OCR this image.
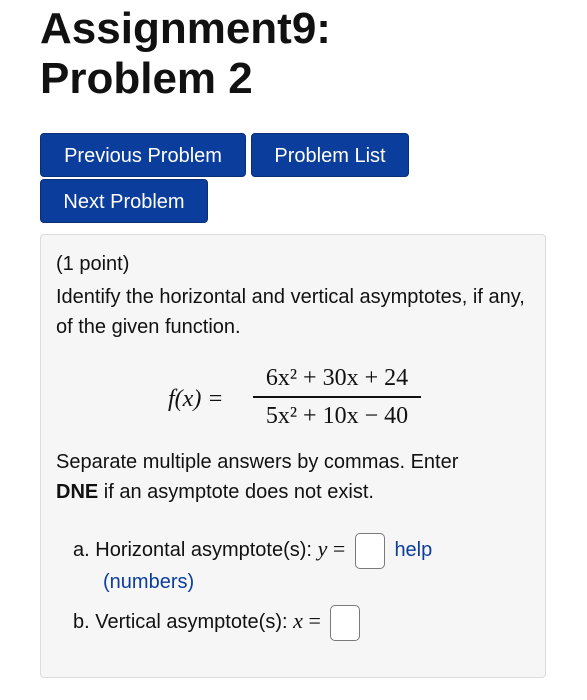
Assignment9:
Problem 2
Previous Problem	Problem List
Next Problem
(1 point)
Identify the horizontal and vertical asymptotes, if any, of the given function.
f(x) =
6x² + 30x + 24
5x² + 10x − 40
Separate multiple answers by commas. Enter
DNE if an asymptote does not exist.
a. Horizontal asymptote(s): y = help
(numbers)
b. Vertical asymptote(s): x =
